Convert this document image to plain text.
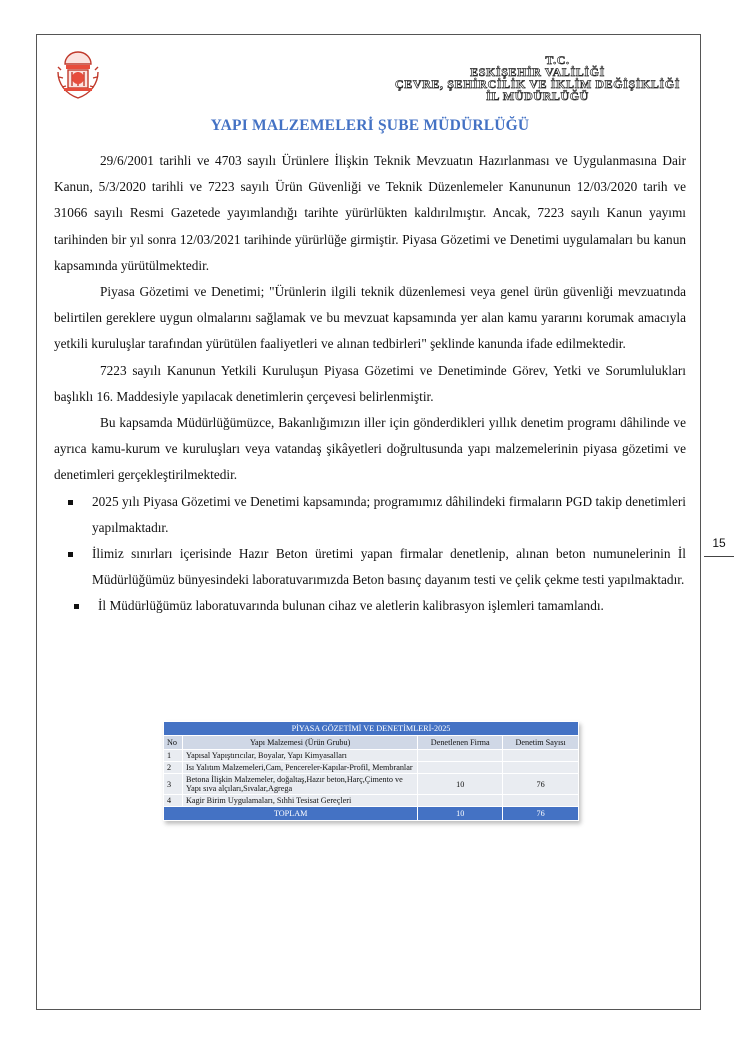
T.C.
ESKİŞEHİR VALİLİĞİ
ÇEVRE, ŞEHİRCİLİK VE İKLİM DEĞİŞİKLİĞİ
İL MÜDÜRLÜĞÜ
YAPI MALZEMELERİ ŞUBE MÜDÜRLÜĞÜ

29/6/2001 tarihli ve 4703 sayılı Ürünlere İlişkin Teknik Mevzuatın Hazırlanması ve Uygulanmasına Dair Kanun, 5/3/2020 tarihli ve 7223 sayılı Ürün Güvenliği ve Teknik Düzenlemeler Kanununun 12/03/2020 tarih ve 31066 sayılı Resmi Gazetede yayımlandığı tarihte yürürlükten kaldırılmıştır. Ancak, 7223 sayılı Kanun yayımı tarihinden bir yıl sonra 12/03/2021 tarihinde yürürlüğe girmiştir. Piyasa Gözetimi ve Denetimi uygulamaları bu kanun kapsamında yürütülmektedir.

Piyasa Gözetimi ve Denetimi; "Ürünlerin ilgili teknik düzenlemesi veya genel ürün güvenliği mevzuatında belirtilen gereklere uygun olmalarını sağlamak ve bu mevzuat kapsamında yer alan kamu yararını korumak amacıyla yetkili kuruluşlar tarafından yürütülen faaliyetleri ve alınan tedbirleri" şeklinde kanunda ifade edilmektedir.

7223 sayılı Kanunun Yetkili Kuruluşun Piyasa Gözetimi ve Denetiminde Görev, Yetki ve Sorumlulukları başlıklı 16. Maddesiyle yapılacak denetimlerin çerçevesi belirlenmiştir.

Bu kapsamda Müdürlüğümüzce, Bakanlığımızın iller için gönderdikleri yıllık denetim programı dâhilinde ve ayrıca kamu-kurum ve kuruluşları veya vatandaş şikâyetleri doğrultusunda yapı malzemelerinin piyasa gözetimi ve denetimleri gerçekleştirilmektedir.

2025 yılı Piyasa Gözetimi ve Denetimi kapsamında; programımız dâhilindeki firmaların PGD takip denetimleri yapılmaktadır.
İlimiz sınırları içerisinde Hazır Beton üretimi yapan firmalar denetlenip, alınan beton numunelerinin İl Müdürlüğümüz bünyesindeki laboratuvarımızda Beton basınç dayanım testi ve çelik çekme testi yapılmaktadır.
İl Müdürlüğümüz laboratuvarında bulunan cihaz ve aletlerin kalibrasyon işlemleri tamamlandı.
15
PİYASA GÖZETİMİ VE DENETİMLERİ-2025			
No	Yapı Malzemesi (Ürün Grubu)	Denetlenen Firma	Denetim Sayısı
1	Yapısal Yapıştırıcılar, Boyalar, Yapı Kimyasalları		
2	Isı Yalıtım Malzemeleri,Cam, Pencereler-Kapılar-Profil, Membranlar		
3	Betona İlişkin Malzemeler, doğaltaş,Hazır beton,Harç,Çimento ve Yapı sıva alçıları,Sıvalar,Agrega	10	76
4	Kagir Birim Uygulamaları, Sıhhi Tesisat Gereçleri		
TOPLAM		10	76
